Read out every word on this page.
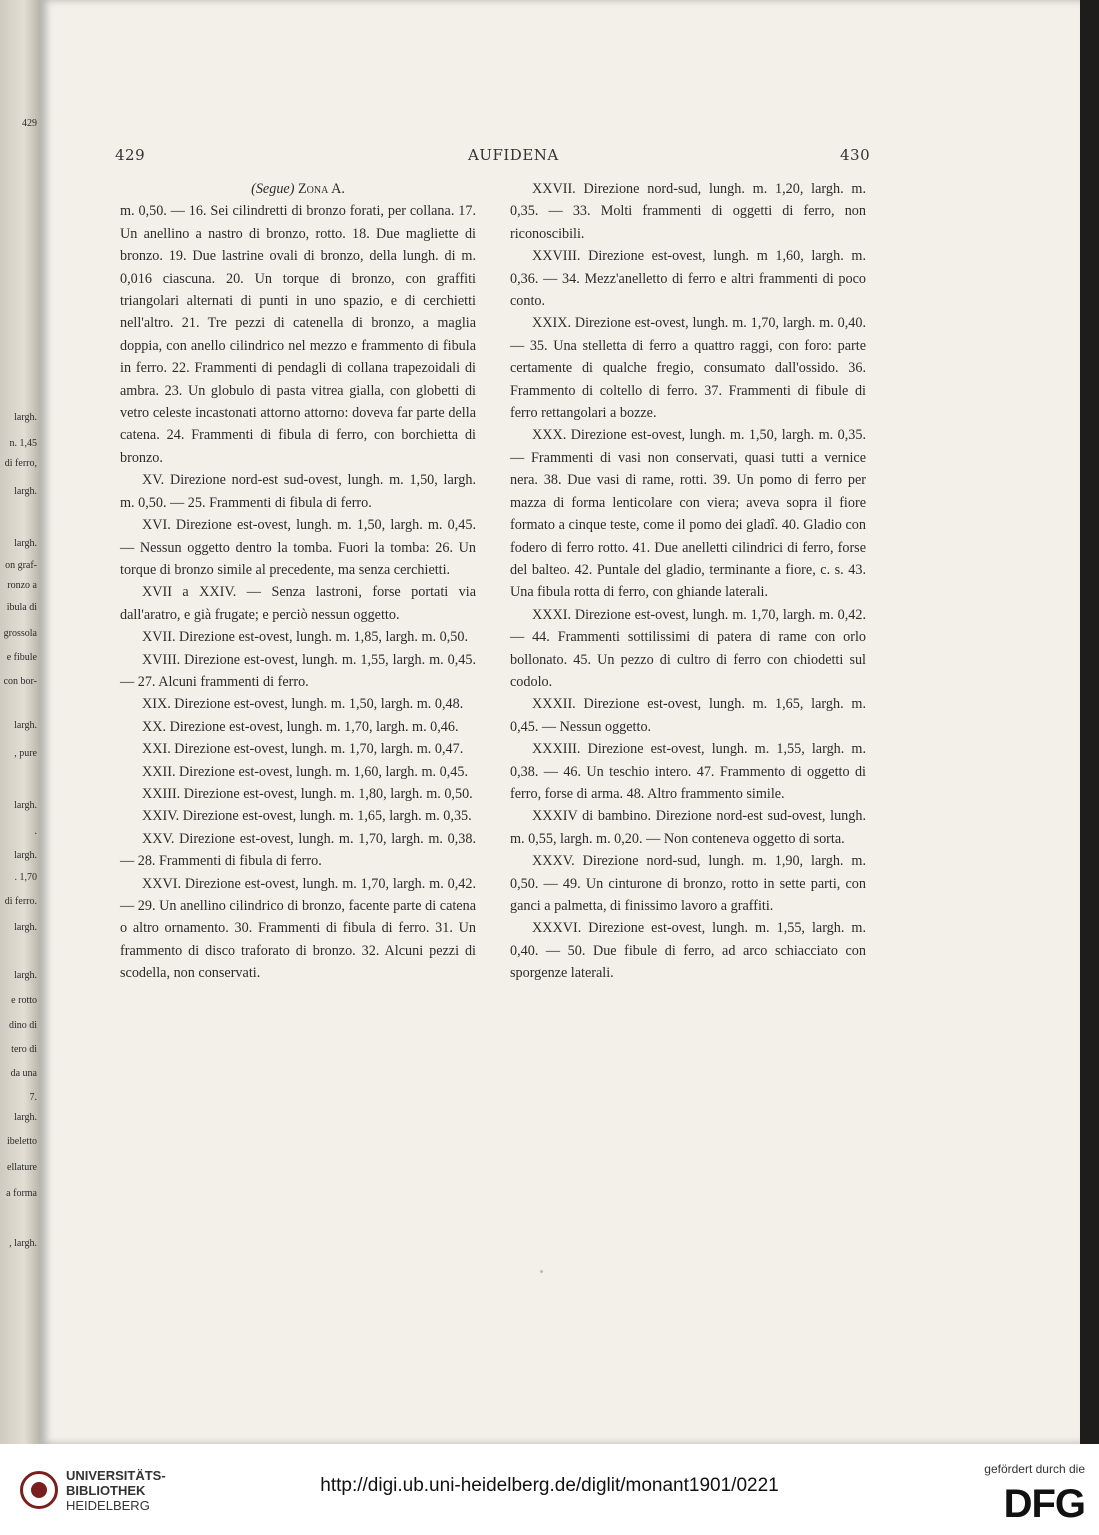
429
largh.
n. 1,45
di ferro,
largh.
largh.
on graf-
ronzo a
ibula di
grossola
e fibule
con bor-
largh.
, pure
largh.
.
largh.
. 1,70
di ferro.
largh.
largh.
e rotto
dino di
tero di
da una
7.
largh.
ibeletto
ellature
a forma
, largh.
429	AUFIDENA	430

(Segue) Zona A.

m. 0,50. — 16. Sei cilindretti di bronzo forati, per collana. 17. Un anellino a nastro di bronzo, rotto. 18. Due magliette di bronzo. 19. Due lastrine ovali di bronzo, della lungh. di m. 0,016 ciascuna. 20. Un torque di bronzo, con graffiti triangolari alternati di punti in uno spazio, e di cerchietti nell'altro. 21. Tre pezzi di catenella di bronzo, a maglia doppia, con anello cilindrico nel mezzo e frammento di fibula in ferro. 22. Frammenti di pendagli di collana trapezoidali di ambra. 23. Un globulo di pasta vitrea gialla, con globetti di vetro celeste incastonati attorno attorno: doveva far parte della catena. 24. Frammenti di fibula di ferro, con borchietta di bronzo.

XV. Direzione nord-est sud-ovest, lungh. m. 1,50, largh. m. 0,50. — 25. Frammenti di fibula di ferro.

XVI. Direzione est-ovest, lungh. m. 1,50, largh. m. 0,45. — Nessun oggetto dentro la tomba. Fuori la tomba: 26. Un torque di bronzo simile al precedente, ma senza cerchietti.

XVII a XXIV. — Senza lastroni, forse portati via dall'aratro, e già frugate; e perciò nessun oggetto.

XVII. Direzione est-ovest, lungh. m. 1,85, largh. m. 0,50.

XVIII. Direzione est-ovest, lungh. m. 1,55, largh. m. 0,45. — 27. Alcuni frammenti di ferro.

XIX. Direzione est-ovest, lungh. m. 1,50, largh. m. 0,48.

XX. Direzione est-ovest, lungh. m. 1,70, largh. m. 0,46.

XXI. Direzione est-ovest, lungh. m. 1,70, largh. m. 0,47.

XXII. Direzione est-ovest, lungh. m. 1,60, largh. m. 0,45.

XXIII. Direzione est-ovest, lungh. m. 1,80, largh. m. 0,50.

XXIV. Direzione est-ovest, lungh. m. 1,65, largh. m. 0,35.

XXV. Direzione est-ovest, lungh. m. 1,70, largh. m. 0,38. — 28. Frammenti di fibula di ferro.

XXVI. Direzione est-ovest, lungh. m. 1,70, largh. m. 0,42. — 29. Un anellino cilindrico di bronzo, facente parte di catena o altro ornamento. 30. Frammenti di fibula di ferro. 31. Un frammento di disco traforato di bronzo. 32. Alcuni pezzi di scodella, non conservati.

XXVII. Direzione nord-sud, lungh. m. 1,20, largh. m. 0,35. — 33. Molti frammenti di oggetti di ferro, non riconoscibili.

XXVIII. Direzione est-ovest, lungh. m 1,60, largh. m. 0,36. — 34. Mezz'anelletto di ferro e altri frammenti di poco conto.

XXIX. Direzione est-ovest, lungh. m. 1,70, largh. m. 0,40. — 35. Una stelletta di ferro a quattro raggi, con foro: parte certamente di qualche fregio, consumato dall'ossido. 36. Frammento di coltello di ferro. 37. Frammenti di fibule di ferro rettangolari a bozze.

XXX. Direzione est-ovest, lungh. m. 1,50, largh. m. 0,35. — Frammenti di vasi non conservati, quasi tutti a vernice nera. 38. Due vasi di rame, rotti. 39. Un pomo di ferro per mazza di forma lenticolare con viera; aveva sopra il fiore formato a cinque teste, come il pomo dei gladî. 40. Gladio con fodero di ferro rotto. 41. Due anelletti cilindrici di ferro, forse del balteo. 42. Puntale del gladio, terminante a fiore, c. s. 43. Una fibula rotta di ferro, con ghiande laterali.

XXXI. Direzione est-ovest, lungh. m. 1,70, largh. m. 0,42. — 44. Frammenti sottilissimi di patera di rame con orlo bollonato. 45. Un pezzo di cultro di ferro con chiodetti sul codolo.

XXXII. Direzione est-ovest, lungh. m. 1,65, largh. m. 0,45. — Nessun oggetto.

XXXIII. Direzione est-ovest, lungh. m. 1,55, largh. m. 0,38. — 46. Un teschio intero. 47. Frammento di oggetto di ferro, forse di arma. 48. Altro frammento simile.

XXXIV di bambino. Direzione nord-est sud-ovest, lungh. m. 0,55, largh. m. 0,20. — Non conteneva oggetto di sorta.

XXXV. Direzione nord-sud, lungh. m. 1,90, largh. m. 0,50. — 49. Un cinturone di bronzo, rotto in sette parti, con ganci a palmetta, di finissimo lavoro a graffiti.

XXXVI. Direzione est-ovest, lungh. m. 1,55, largh. m. 0,40. — 50. Due fibule di ferro, ad arco schiacciato con sporgenze laterali.

UNIVERSITÄTS-
BIBLIOTHEK
HEIDELBERG
http://digi.ub.uni-heidelberg.de/diglit/monant1901/0221
gefördert durch die
DFG
